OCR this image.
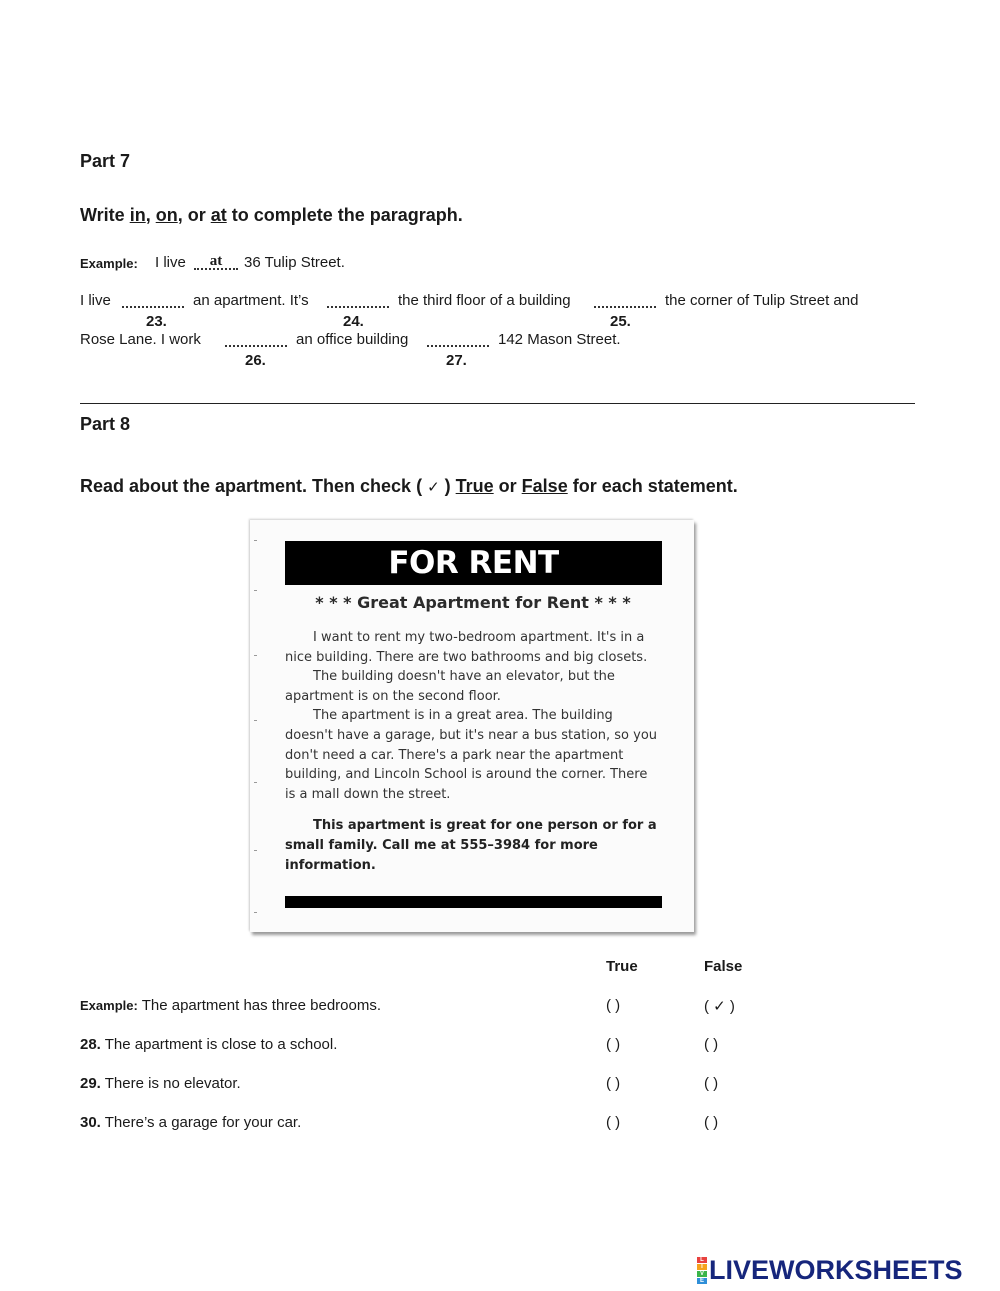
Part 7
Write in, on, or at to complete the paragraph.
Example: I live	at	36 Tulip Street.
I live	an apartment. It’s	the third floor of a building	the corner of Tulip Street and
23.	24.	25.
Rose Lane. I work	an office building	142 Mason Street.
26.	27.
Part 8
Read about the apartment. Then check ( ✓ ) True or False for each statement.
FOR RENT
* * * Great Apartment for Rent * * *

I want to rent my two-bedroom apartment. It's in a nice building. There are two bathrooms and big closets.

The building doesn't have an elevator, but the apartment is on the second floor.

The apartment is in a great area. The building doesn't have a garage, but it's near a bus station, so you don't need a car. There's a park near the apartment building, and Lincoln School is around the corner. There is a mall down the street.

This apartment is great for one person or for a small family. Call me at 555–3984 for more information.

True	False
Example: The apartment has three bedrooms.	( )	( ✓ )
28. The apartment is close to a school.	( )	( )
29. There is no elevator.	( )	( )
30. There’s a garage for your car.	( )	( )
L
I
V
E LIVEWORKSHEETS
